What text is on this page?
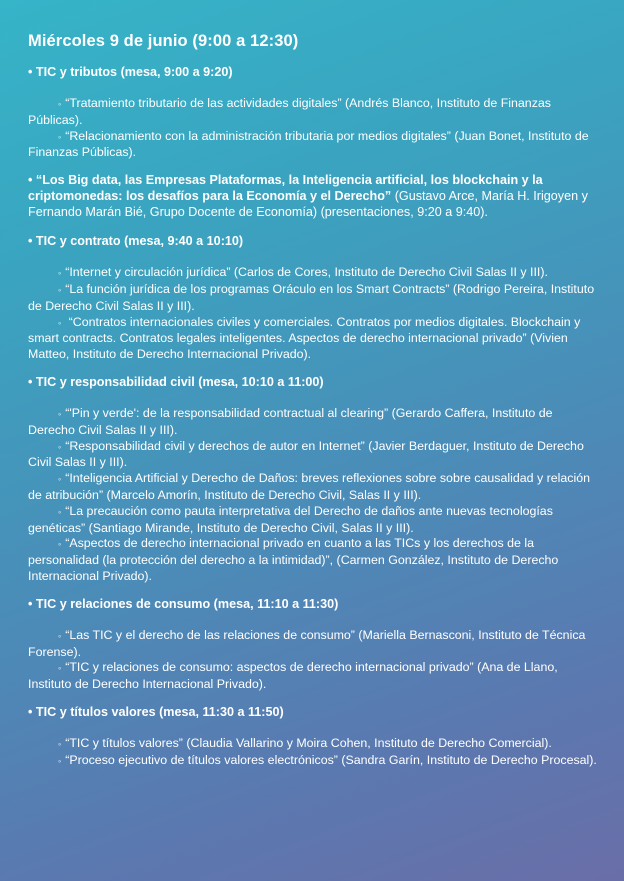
Miércoles 9 de junio (9:00 a 12:30)
• TIC y tributos (mesa, 9:00 a 9:20)
◦ “Tratamiento tributario de las actividades digitales” (Andrés Blanco, Instituto de Finanzas Públicas).
◦ “Relacionamiento con la administración tributaria por medios digitales” (Juan Bonet, Instituto de Finanzas Públicas).
• “Los Big data, las Empresas Plataformas, la Inteligencia artificial, los blockchain y la criptomonedas: los desafíos para la Economía y el Derecho” (Gustavo Arce, María H. Irigoyen y Fernando Marán Bié, Grupo Docente de Economía) (presentaciones, 9:20 a 9:40).
• TIC y contrato (mesa, 9:40 a 10:10)
◦ “Internet y circulación jurídica” (Carlos de Cores, Instituto de Derecho Civil Salas II y III).
◦ “La función jurídica de los programas Oráculo en los Smart Contracts” (Rodrigo Pereira, Instituto de Derecho Civil Salas II y III).
◦ “Contratos internacionales civiles y comerciales. Contratos por medios digitales. Blockchain y smart contracts. Contratos legales inteligentes. Aspectos de derecho internacional privado” (Vivien Matteo, Instituto de Derecho Internacional Privado).
• TIC y responsabilidad civil (mesa, 10:10 a 11:00)
◦ “'Pin y verde': de la responsabilidad contractual al clearing” (Gerardo Caffera, Instituto de Derecho Civil Salas II y III).
◦ “Responsabilidad civil y derechos de autor en Internet” (Javier Berdaguer, Instituto de Derecho Civil Salas II y III).
◦ “Inteligencia Artificial y Derecho de Daños: breves reflexiones sobre sobre causalidad y relación de atribución” (Marcelo Amorín, Instituto de Derecho Civil, Salas II y III).
◦ “La precaución como pauta interpretativa del Derecho de daños ante nuevas tecnologías genéticas” (Santiago Mirande, Instituto de Derecho Civil, Salas II y III).
◦ “Aspectos de derecho internacional privado en cuanto a las TICs y los derechos de la personalidad (la protección del derecho a la intimidad)”, (Carmen González, Instituto de Derecho Internacional Privado).
• TIC y relaciones de consumo (mesa, 11:10 a 11:30)
◦ “Las TIC y el derecho de las relaciones de consumo” (Mariella Bernasconi, Instituto de Técnica Forense).
◦ “TIC y relaciones de consumo: aspectos de derecho internacional privado” (Ana de Llano, Instituto de Derecho Internacional Privado).
• TIC y títulos valores (mesa, 11:30 a 11:50)
◦ “TIC y títulos valores” (Claudia Vallarino y Moira Cohen, Instituto de Derecho Comercial).
◦ “Proceso ejecutivo de títulos valores electrónicos” (Sandra Garín, Instituto de Derecho Procesal).
